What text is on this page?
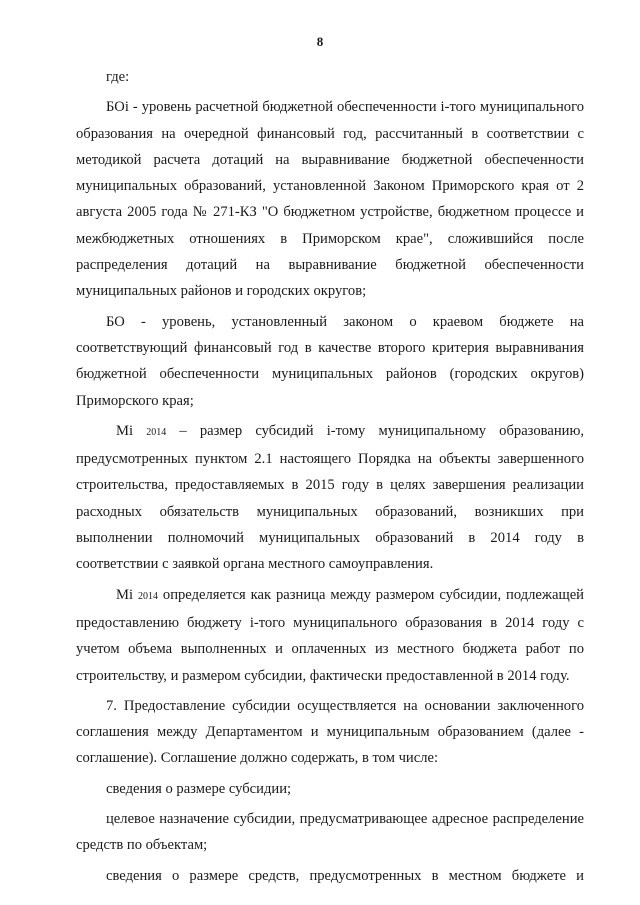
8

где:

БОi - уровень расчетной бюджетной обеспеченности i-того муниципального образования на очередной финансовый год, рассчитанный в соответствии с методикой расчета дотаций на выравнивание бюджетной обеспеченности муниципальных образований, установленной Законом Приморского края от 2 августа 2005 года № 271-КЗ "О бюджетном устройстве, бюджетном процессе и межбюджетных отношениях в Приморском крае", сложившийся после распределения дотаций на выравнивание бюджетной обеспеченности муниципальных районов и городских округов;

БО - уровень, установленный законом о краевом бюджете на соответствующий финансовый год в качестве второго критерия выравнивания бюджетной обеспеченности муниципальных районов (городских округов) Приморского края;

Mi 2014 – размер субсидий i-тому муниципальному образованию, предусмотренных пунктом 2.1 настоящего Порядка на объекты завершенного строительства, предоставляемых в 2015 году в целях завершения реализации расходных обязательств муниципальных образований, возникших при выполнении полномочий муниципальных образований в 2014 году в соответствии с заявкой органа местного самоуправления.

Mi 2014 определяется как разница между размером субсидии, подлежащей предоставлению бюджету i-того муниципального образования в 2014 году с учетом объема выполненных и оплаченных из местного бюджета работ по строительству, и размером субсидии, фактически предоставленной в 2014 году.

7. Предоставление субсидии осуществляется на основании заключенного соглашения между Департаментом и муниципальным образованием (далее - соглашение). Соглашение должно содержать, в том числе:

сведения о размере субсидии;

целевое назначение субсидии, предусматривающее адресное распределение средств по объектам;

сведения о размере средств, предусмотренных в местном бюджете и
